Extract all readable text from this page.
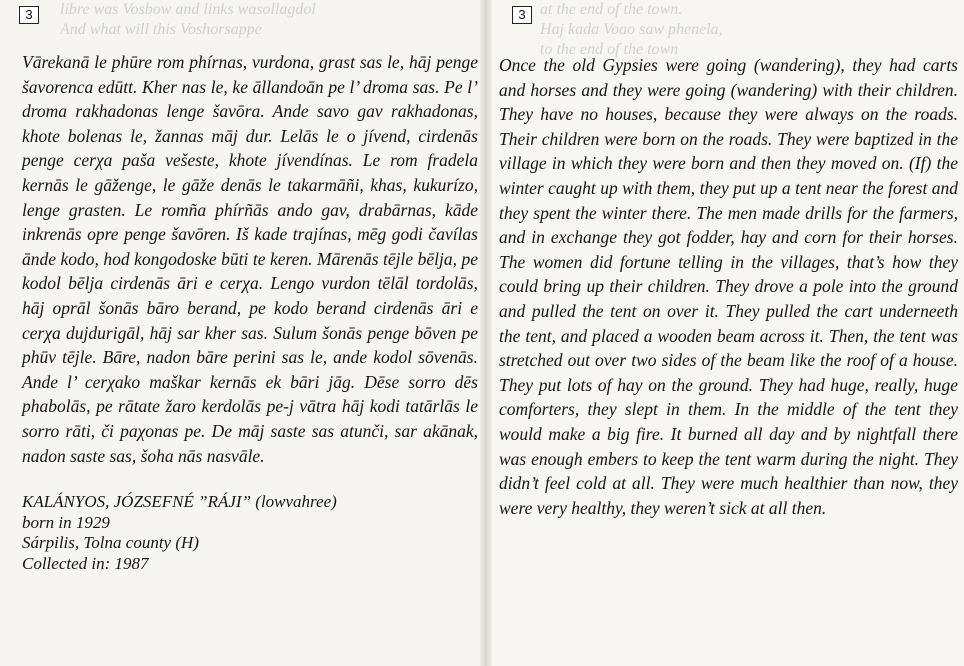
Vārekanā le phūre rom phírnas, vurdona, grast sas le, hāj penge šavorenca edūtt. Kher nas le, ke āllandoān pe l’ droma sas. Pe l’ droma rakhadonas lenge šavōra. Ande savo gav rakhadonas, khote bolenas le, žannas māj dur. Lelās le o jívend, cirdenās penge cerχa paša vešeste, khote jívendínas. Le rom fradela kernās le gāženge, le gāže denās le takarmāñi, khas, kukurízo, lenge grasten. Le romña phírñās ando gav, drabārnas, kāde inkrenās opre penge šavōren. Iš kade trajínas, mēg godi čavílas ānde kodo, hod kongodoske būti te keren. Mārenās tējle bēlja, pe kodol bēlja cirdenās āri e cerχa. Lengo vurdon tēlāl tordolās, hāj oprāl šonās bāro berand, pe kodo berand cirdenās āri e cerχa dujdurigāl, hāj sar kher sas. Sulum šonās penge bōven pe phūv tējle. Bāre, nadon bāre perini sas le, ande kodol sōvenās. Ande l’ cerχako maškar kernās ek bāri jāg. Dēse sorro dēs phabolās, pe rātate žaro kerdolās pe-j vātra hāj kodi tatārlās le sorro rāti, či paχonas pe. De māj saste sas atunči, sar akānak, nadon saste sas, šoha nās nasvāle.

KALÁNYOS, JÓZSEFNÉ ”RÁJI” (lowvahree)
born in 1929
Sárpilis, Tolna county (H)
Collected in: 1987

Once the old Gypsies were going (wandering), they had carts and horses and they were going (wandering) with their children. They have no houses, because they were always on the roads. Their children were born on the roads. They were baptized in the village in which they were born and then they moved on. (If) the winter caught up with them, they put up a tent near the forest and they spent the winter there. The men made drills for the farmers, and in exchange they got fodder, hay and corn for their horses. The women did fortune telling in the villages, that’s how they could bring up their children. They drove a pole into the ground and pulled the tent on over it. They pulled the cart underneeth the tent, and placed a wooden beam across it. Then, the tent was stretched out over two sides of the beam like the roof of a house. They put lots of hay on the ground. They had huge, really, huge comforters, they slept in them. In the middle of the tent they would make a big fire. It burned all day and by nightfall there was enough embers to keep the tent warm during the night. They didn’t feel cold at all. They were much healthier than now, they were very healthy, they weren’t sick at all then.

libre was Vosbow and links wasollagdol
And what will this Voshorsappe
at the end of the town.
Haj kada Voao saw phenela,
to the end of the town
3	3
